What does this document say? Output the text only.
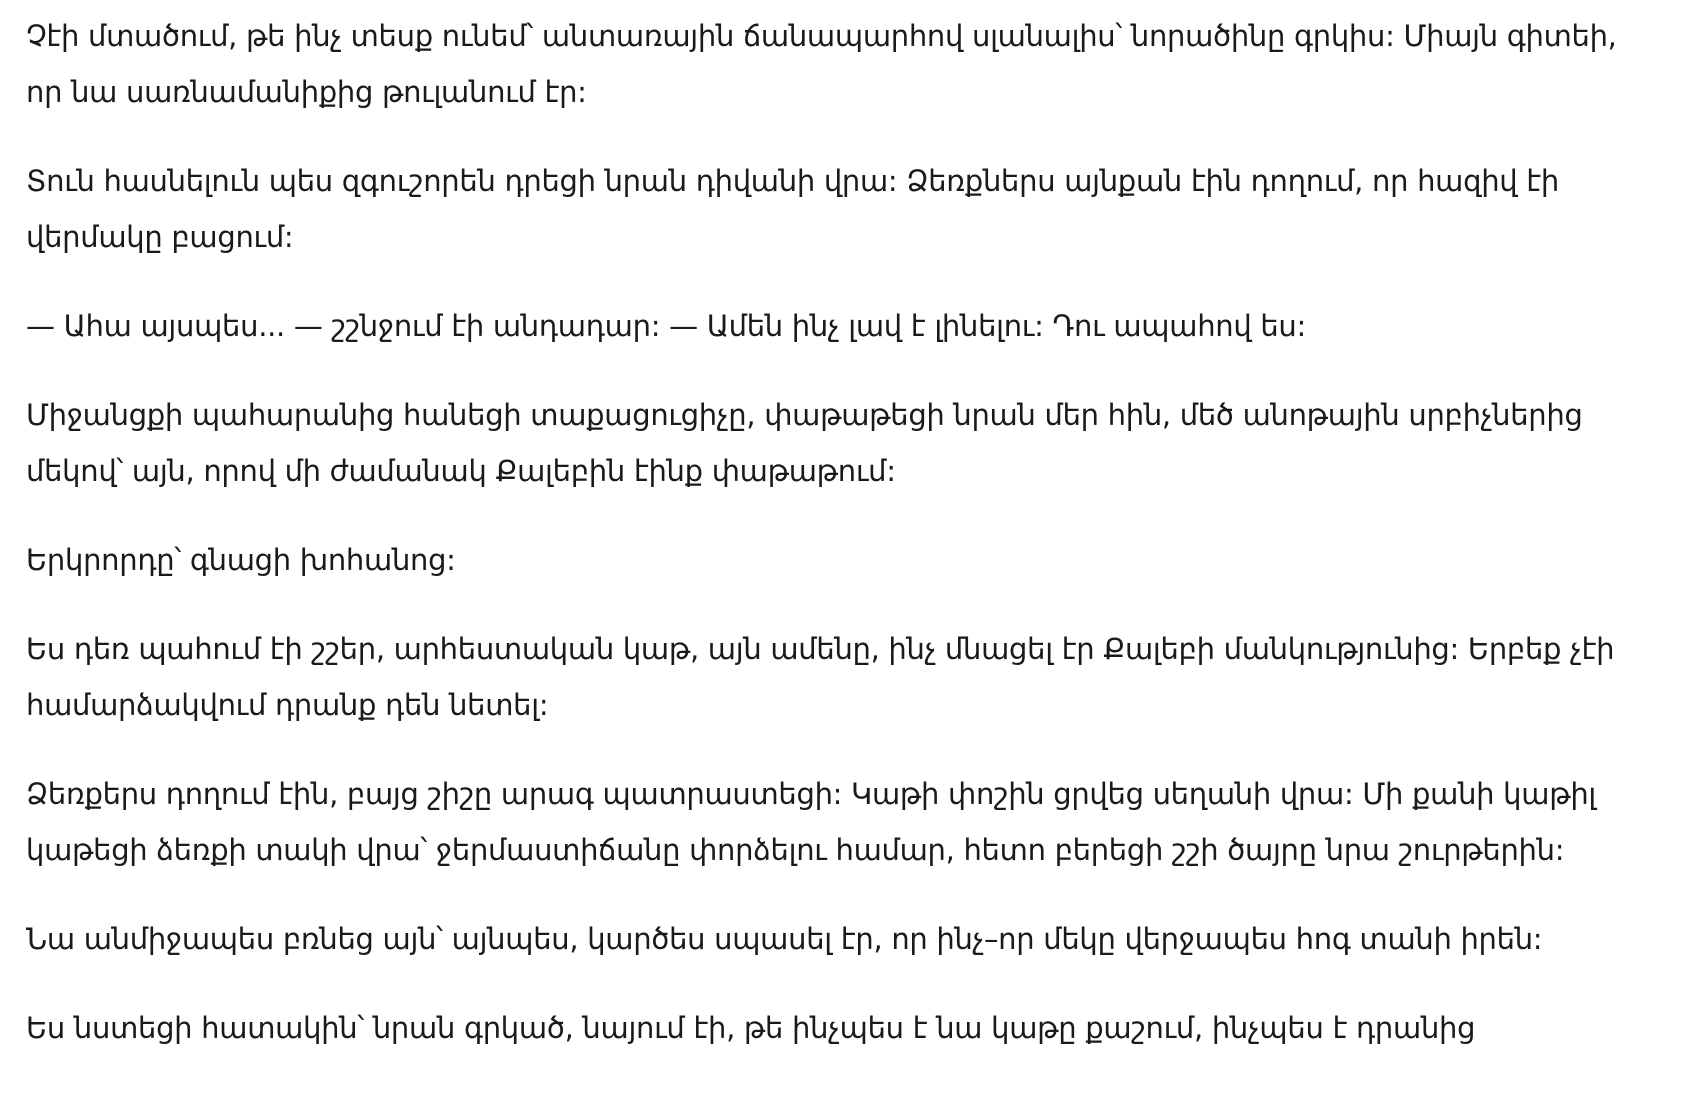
Չէի մտածում, թե ինչ տեսք ունեմ՝ անտառային ճանապարհով սլանալիս՝ նորածինը գրկիս: Միայն գիտեի, որ նա սառնամանիքից թուլանում էր:

Տուն հասնելուն պես զգուշորեն դրեցի նրան դիվանի վրա: Ձեռքներս այնքան էին դողում, որ հազիվ էի վերմակը բացում:

— Ահա այսպես... — շշնջում էի անդադար: — Ամեն ինչ լավ է լինելու: Դու ապահով ես:

Միջանցքի պահարանից հանեցի տաքացուցիչը, փաթաթեցի նրան մեր հին, մեծ անոթային սրբիչներից մեկով՝ այն, որով մի ժամանակ Քալեբին էինք փաթաթում:

Երկրորդը՝ գնացի խոհանոց:

Ես դեռ պահում էի շշեր, արհեստական կաթ, այն ամենը, ինչ մնացել էր Քալեբի մանկությունից: Երբեք չէի համարձակվում դրանք դեն նետել:

Ձեռքերս դողում էին, բայց շիշը արագ պատրաստեցի: Կաթի փոշին ցրվեց սեղանի վրա: Մի քանի կաթիլ կաթեցի ձեռքի տակի վրա՝ ջերմաստիճանը փորձելու համար, հետո բերեցի շշի ծայրը նրա շուրթերին:

Նա անմիջապես բռնեց այն՝ այնպես, կարծես սպասել էր, որ ինչ–որ մեկը վերջապես հոգ տանի իրեն:

Ես նստեցի հատակին՝ նրան գրկած, նայում էի, թե ինչպես է նա կաթը քաշում, ինչպես է դրանից
